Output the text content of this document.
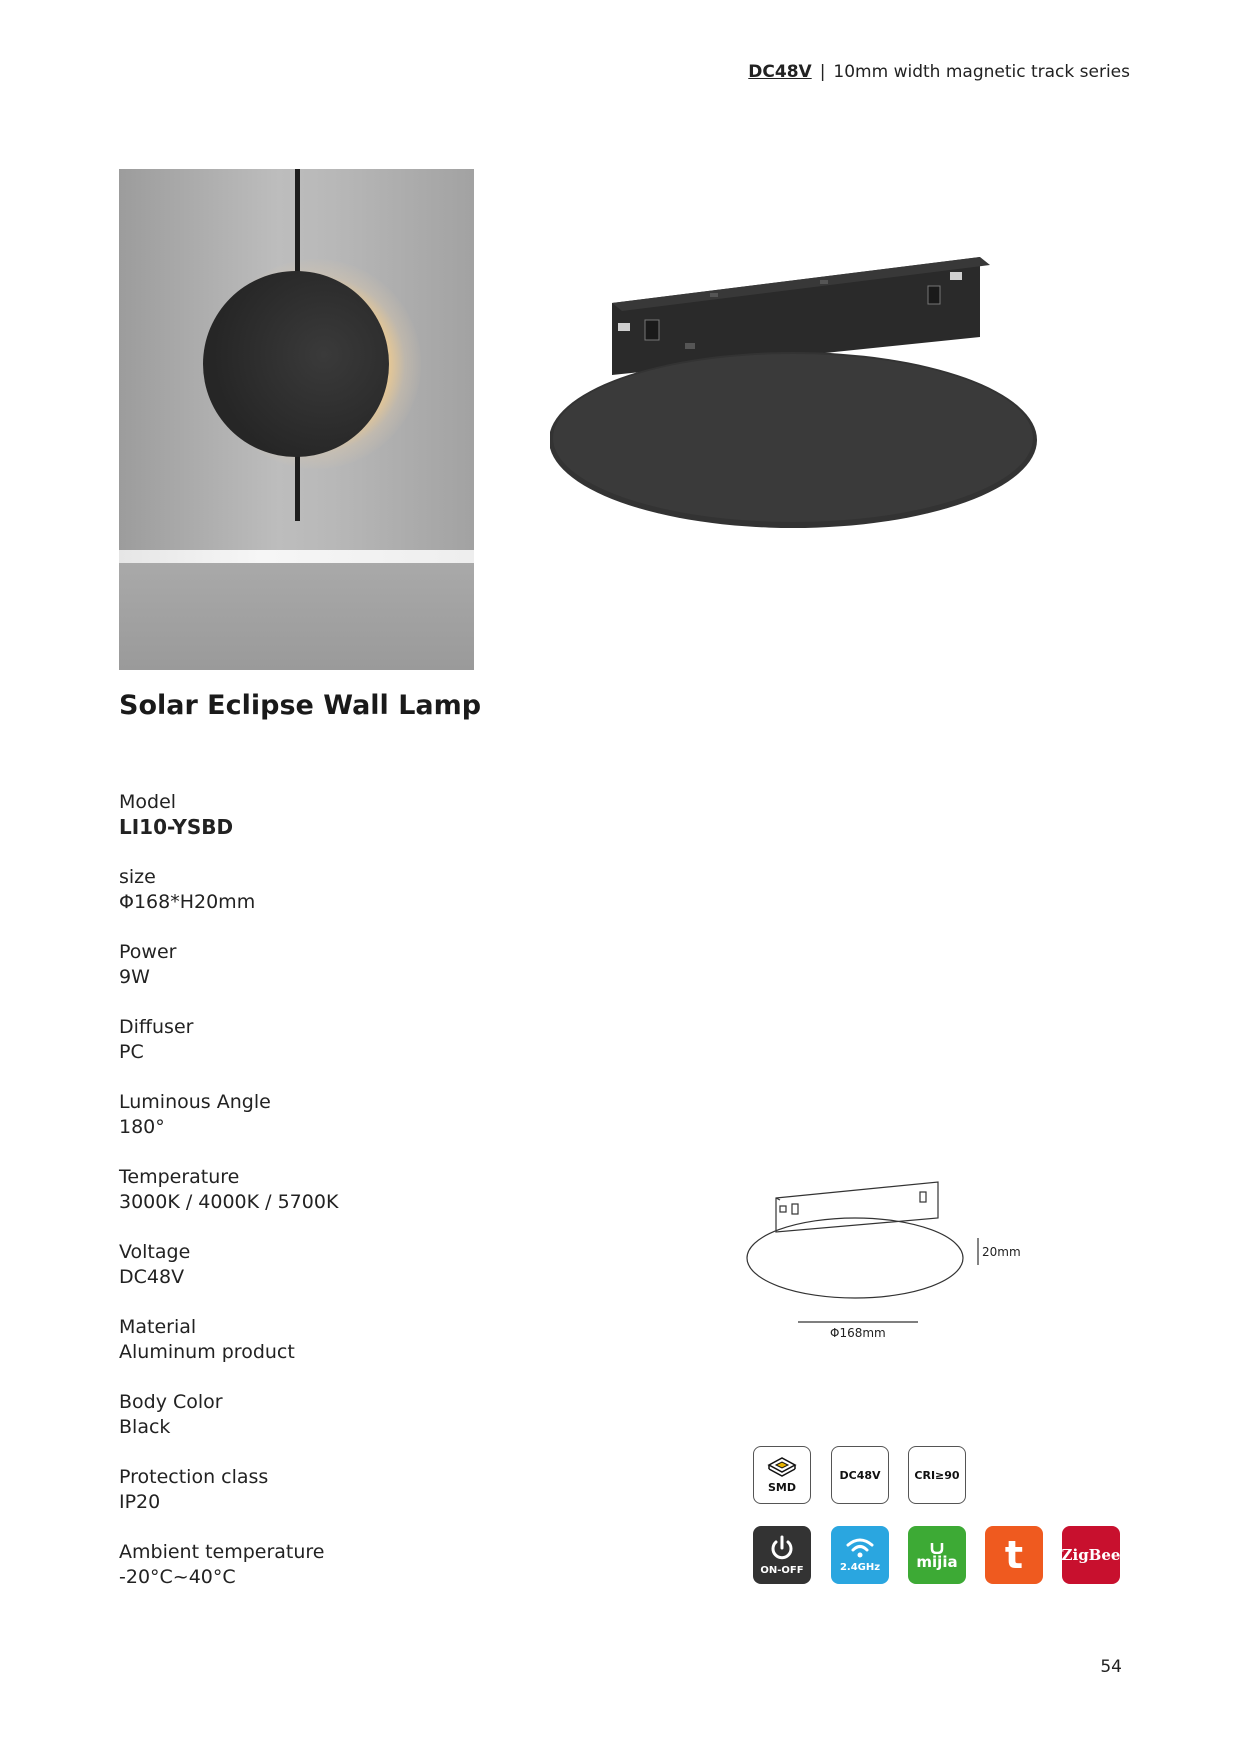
DC48V | 10mm width magnetic track series
Solar Eclipse Wall Lamp
Model
LI10-YSBD
size
Φ168*H20mm
Power
9W
Diffuser
PC
Luminous Angle
180°
Temperature
3000K / 4000K / 5700K
Voltage
DC48V
Material
Aluminum product
Body Color
Black
Protection class
IP20
Ambient temperature
-20°C~40°C
20mm
Φ168mm
SMD
DC48V	CRI≥90
ON-OFF	2.4GHz mijia t	ZigBee
54
